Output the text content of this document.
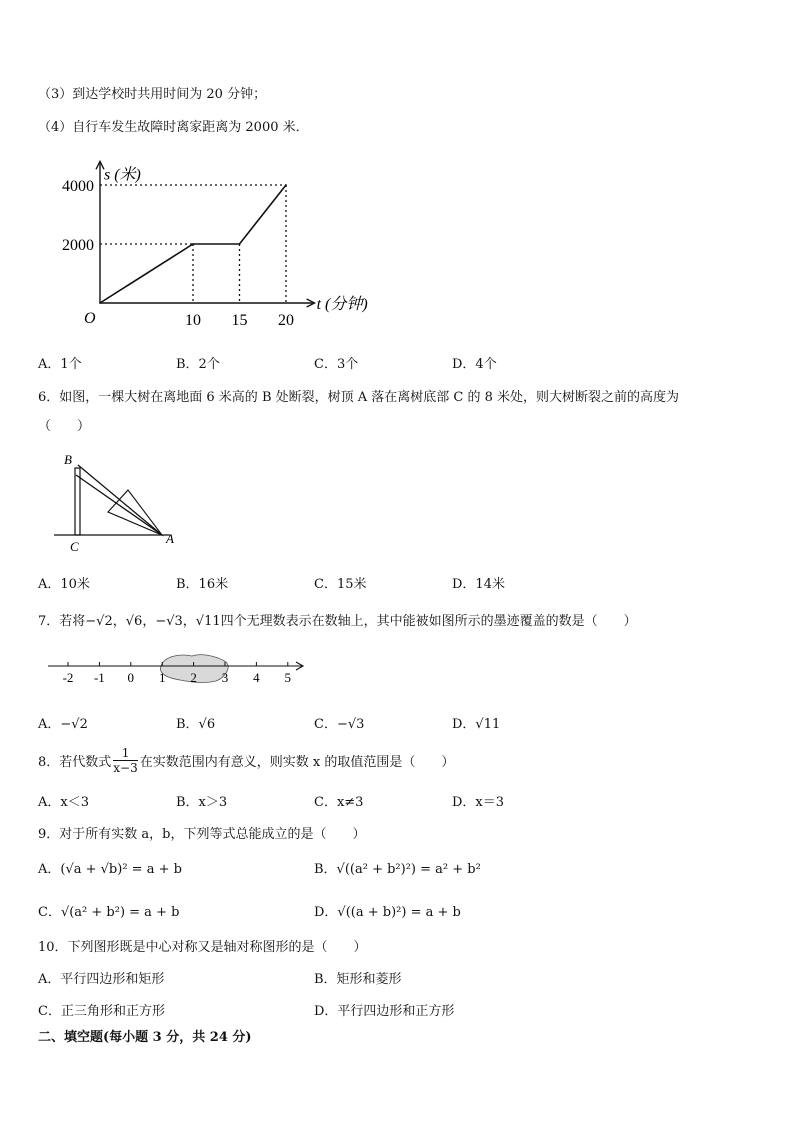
（3）到达学校时共用时间为 20 分钟；
（4）自行车发生故障时离家距离为 2000 米．
s (米)
t (分钟)
O
2000
4000
10 15 20
A．1个	B．2个	C．3个	D．4个
6．如图，一棵大树在离地面 6 米高的 B 处断裂，树顶 A 落在离树底部 C 的 8 米处，则大树断裂之前的高度为
（　　）
B
C
A
A．10米	B．16米	C．15米	D．14米
7．若将−√2，√6，−√3，√11四个无理数表示在数轴上，其中能被如图所示的墨迹覆盖的数是（　　）
-2 -1 0 1 2 3 4 5
A．−√2	B．√6	C．−√3	D．√11
8．若代数式 $\frac{1}{x-3}$ 在实数范围内有意义，则实数 x 的取值范围是（　　）
A．x＜3	B．x＞3	C．x≠3	D．x＝3
9．对于所有实数 a，b，下列等式总能成立的是（　　）
A．(√a + √b)² = a + b	B．√((a² + b²)²) = a² + b²
C．√(a² + b²) = a + b	D．√((a + b)²) = a + b
10．下列图形既是中心对称又是轴对称图形的是（　　）
A．平行四边形和矩形	B．矩形和菱形
C．正三角形和正方形	D．平行四边形和正方形
二、填空题(每小题 3 分，共 24 分)
